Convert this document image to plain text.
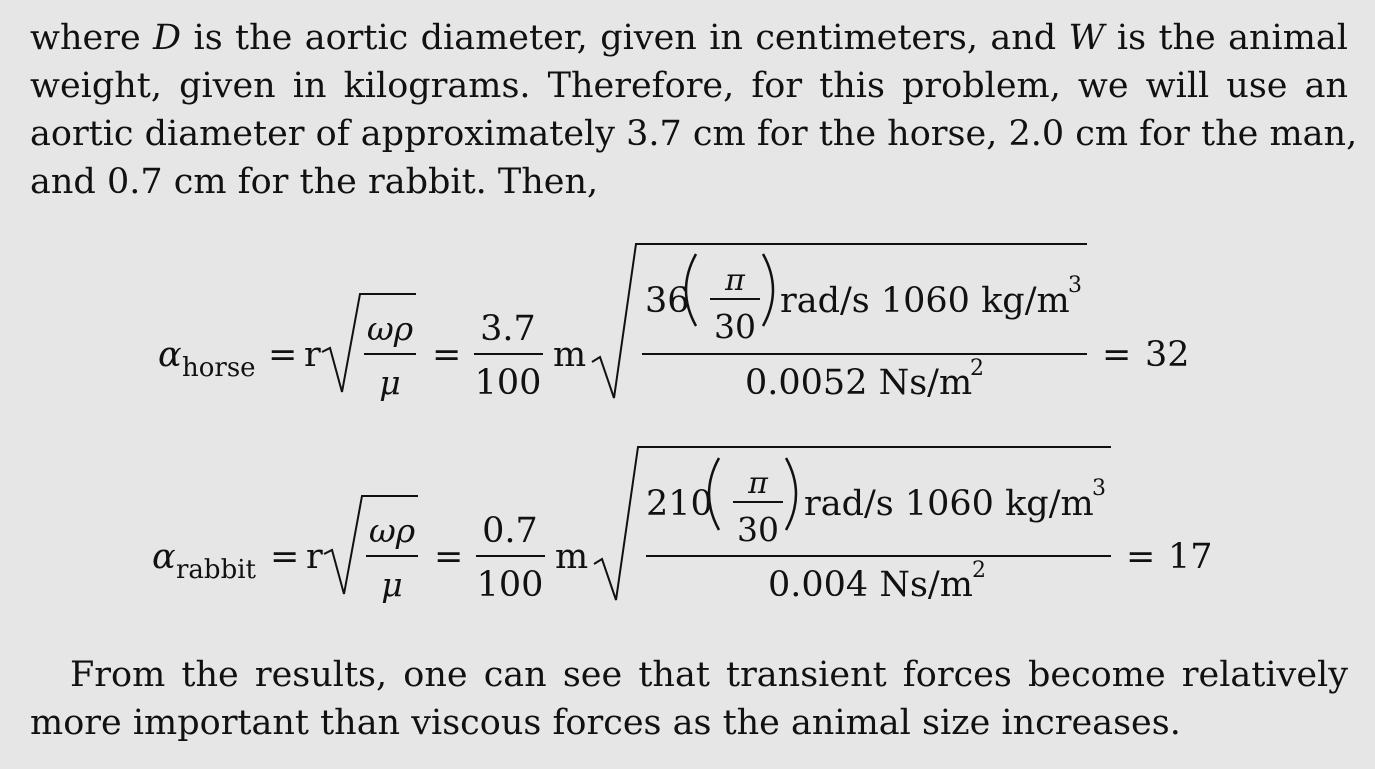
where D is the aortic diameter, given in centimeters, and W is the animal
weight, given in kilograms. Therefore, for this problem, we will use an
aortic diameter of approximately 3.7 cm for the horse, 2.0 cm for the man,
and 0.7 cm for the rabbit. Then,
α horse = r
ωρ
μ
=
3.7
100
m
36
π
30
rad/s 1060 kg/m
3
0.0052 Ns/m
2	= 32
α rabbit = r
ωρ
μ
=
0.7
100
m
210
π
30
rad/s 1060 kg/m
3
0.004 Ns/m 2	= 17
From the results, one can see that transient forces become relatively
more important than viscous forces as the animal size increases.
